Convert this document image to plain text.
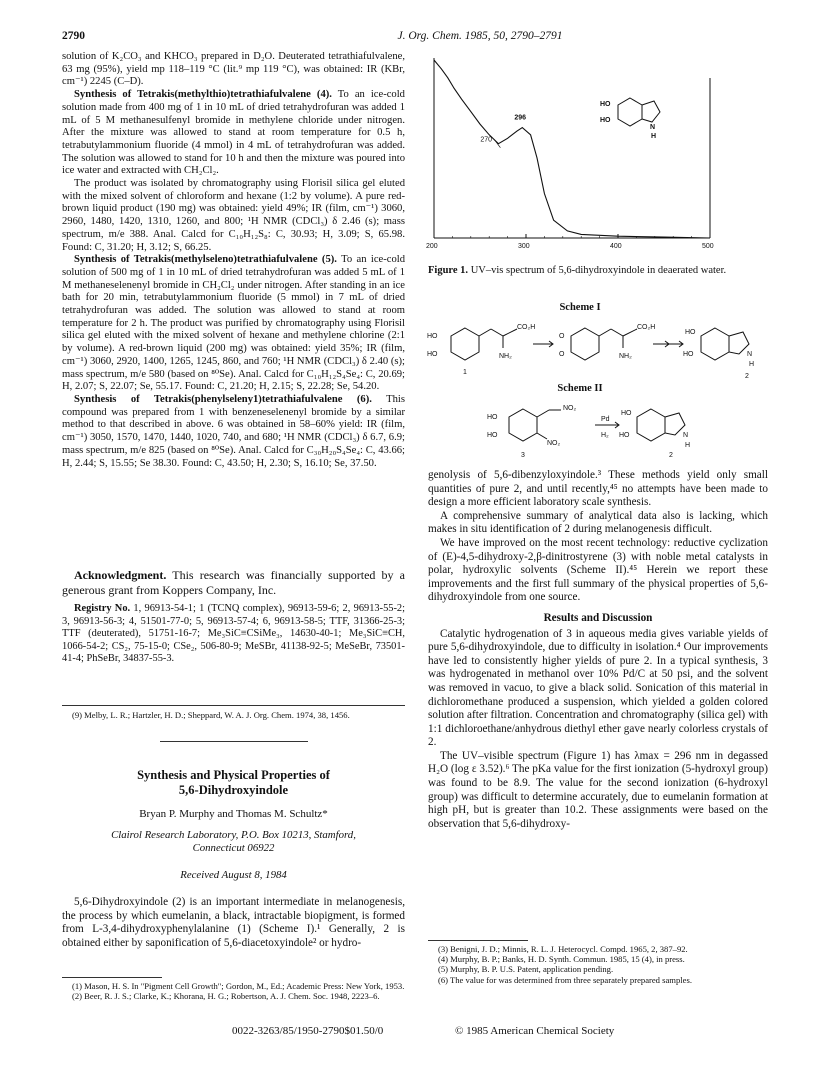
2790	J. Org. Chem. 1985, 50, 2790–2791

solution of K₂CO₃ and KHCO₃ prepared in D₂O. Deuterated tetrathiafulvalene, 63 mg (95%), yield mp 118–119 °C (lit.⁹ mp 119 °C), was obtained: IR (KBr, cm⁻¹) 2245 (C–D).

Synthesis of Tetrakis(methylthio)tetrathiafulvalene (4). To an ice-cold solution made from 400 mg of 1 in 10 mL of dried tetrahydrofuran was added 1 mL of 5 M methanesulfenyl bromide in methylene chloride under nitrogen. After the mixture was allowed to stand at room temperature for 0.5 h, tetrabutylammonium fluoride (4 mmol) in 4 mL of tetrahydrofuran was added. The solution was allowed to stand for 10 h and then the mixture was poured into ice water and extracted with CH₂Cl₂.

The product was isolated by chromatography using Florisil silica gel eluted with the mixed solvent of chloroform and hexane (1:2 by volume). A pure red-brown liquid product (190 mg) was obtained: yield 49%; IR (film, cm⁻¹) 3060, 2960, 1480, 1420, 1310, 1260, and 800; ¹H NMR (CDCl₃) δ 2.46 (s); mass spectrum, m/e 388. Anal. Calcd for C₁₀H₁₂S₈: C, 30.93; H, 3.09; S, 65.98. Found: C, 31.20; H, 3.12; S, 66.25.

Synthesis of Tetrakis(methylseleno)tetrathiafulvalene (5). To an ice-cold solution of 500 mg of 1 in 10 mL of dried tetrahydrofuran was added 5 mL of 1 M methaneselenenyl bromide in CH₂Cl₂ under nitrogen. After standing in an ice bath for 20 min, tetrabutylammonium fluoride (5 mmol) in 7 mL of dried tetrahydrofuran was added. The solution was allowed to stand at room temperature for 2 h. The product was purified by chromatography using Florisil silica gel eluted with the mixed solvent of hexane and methylene chlorine (2:1 by volume). A red-brown liquid (200 mg) was obtained: yield 35%; IR (film, cm⁻¹) 3060, 2920, 1400, 1265, 1245, 860, and 760; ¹H NMR (CDCl₃) δ 2.40 (s); mass spectrum, m/e 580 (based on ⁸⁰Se). Anal. Calcd for C₁₀H₁₂S₄Se₄: C, 20.69; H, 2.07; S, 22.07; Se, 55.17. Found: C, 21.20; H, 2.15; S, 22.28; Se, 54.20.

Synthesis of Tetrakis(phenylseleny1)tetrathiafulvalene (6). This compound was prepared from 1 with benzeneselenenyl bromide by a similar method to that described in above. 6 was obtained in 58–60% yield: IR (film, cm⁻¹) 3050, 1570, 1470, 1440, 1020, 740, and 680; ¹H NMR (CDCl₃) δ 6.7, 6.9; mass spectrum, m/e 825 (based on ⁸⁰Se). Anal. Calcd for C₃₀H₂₀S₄Se₄: C, 43.66; H, 2.44; S, 15.55; Se 38.30. Found: C, 43.50; H, 2.30; S, 16.10; Se, 37.50.

Acknowledgment. This research was financially supported by a generous grant from Koppers Company, Inc.

Registry No. 1, 96913-54-1; 1 (TCNQ complex), 96913-59-6; 2, 96913-55-2; 3, 96913-56-3; 4, 51501-77-0; 5, 96913-57-4; 6, 96913-58-5; TTF, 31366-25-3; TTF (deuterated), 51751-16-7; Me₃SiC≡CSiMe₃, 14630-40-1; Me₃SiC≡CH, 1066-54-2; CS₂, 75-15-0; CSe₂, 506-80-9; MeSBr, 41138-92-5; MeSeBr, 73501-41-4; PhSeBr, 34837-55-3.

(9) Melby, L. R.; Hartzler, H. D.; Sheppard, W. A. J. Org. Chem. 1974, 38, 1456.

Synthesis and Physical Properties of
5,6-Dihydroxyindole
Bryan P. Murphy and Thomas M. Schultz*
Clairol Research Laboratory, P.O. Box 10213, Stamford,
Connecticut 06922
Received August 8, 1984

5,6-Dihydroxyindole (2) is an important intermediate in melanogenesis, the process by which eumelanin, a black, intractable biopigment, is formed from L-3,4-dihydroxyphenylalanine (1) (Scheme I).¹ Generally, 2 is obtained either by saponification of 5,6-diacetoxyindole² or hydro-

(1) Mason, H. S. In "Pigment Cell Growth"; Gordon, M., Ed.; Academic Press: New York, 1953.

(2) Beer, R. J. S.; Clarke, K.; Khorana, H. G.; Robertson, A. J. Chem. Soc. 1948, 2223–6.

200	300	400	500
296
270
HO
HO
N
H
Figure 1. UV–vis spectrum of 5,6-dihydroxyindole in deaerated water.
Scheme I
HO
HO
CO₂H
NH₂
1
O
O
CO₂H
NH₂
HO
HO	N
H
2
Scheme II
HO
HO
NO₂
NO₂
Pd
H₂
3
HO
HO	N
H
2

genolysis of 5,6-dibenzyloxyindole.³ These methods yield only small quantities of pure 2, and until recently,⁴⁵ no attempts have been made to design a more efficient laboratory scale synthesis.

A comprehensive summary of analytical data also is lacking, which makes in situ identification of 2 during melanogenesis difficult.

We have improved on the most recent technology: reductive cyclization of (E)-4,5-dihydroxy-2,β-dinitrostyrene (3) with noble metal catalysts in polar, hydroxylic solvents (Scheme II).⁴⁵ Herein we report these improvements and the first full summary of the physical properties of 5,6-dihydroxyindole from one source.

Results and Discussion

Catalytic hydrogenation of 3 in aqueous media gives variable yields of pure 5,6-dihydroxyindole, due to difficulty in isolation.⁴ Our improvements have led to consistently higher yields of pure 2. In a typical synthesis, 3 was hydrogenated in methanol over 10% Pd/C at 50 psi, and the solvent was removed in vacuo, to give a black solid. Sonication of this material in dichloromethane produced a suspension, which yielded a golden colored solution after filtration. Concentration and chromatography (silica gel) with 1:1 dichloroethane/anhydrous diethyl ether gave nearly colorless crystals of 2.

The UV–visible spectrum (Figure 1) has λmax = 296 nm in degassed H₂O (log ε 3.52).⁶ The pKa value for the first ionization (5-hydroxyl group) was found to be 8.9. The value for the second ionization (6-hydroxyl group) was difficult to determine accurately, due to eumelanin formation at high pH, but is greater than 10.2. These assignments were based on the observation that 5,6-dihydroxy-

(3) Benigni, J. D.; Minnis, R. L. J. Heterocycl. Compd. 1965, 2, 387–92.

(4) Murphy, B. P.; Banks, H. D. Synth. Commun. 1985, 15 (4), in press.

(5) Murphy, B. P. U.S. Patent, application pending.

(6) The value for was determined from three separately prepared samples.

0022-3263/85/1950-2790$01.50/0	© 1985 American Chemical Society
